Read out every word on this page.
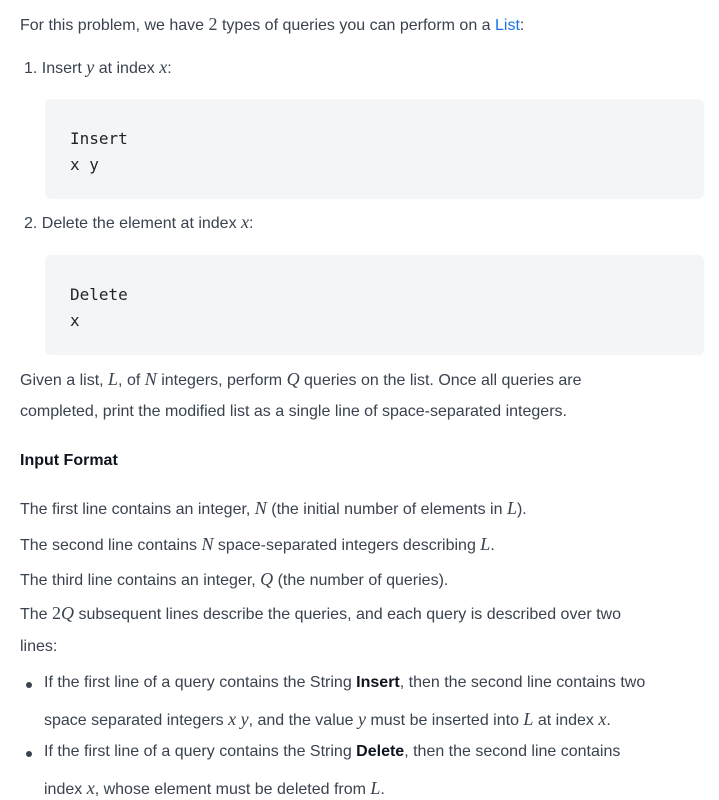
For this problem, we have 2 types of queries you can perform on a List:
1. Insert y at index x:
Insert
x y
2. Delete the element at index x:
Delete
x
Given a list, L, of N integers, perform Q queries on the list. Once all queries are
completed, print the modified list as a single line of space-separated integers.
Input Format
The first line contains an integer, N (the initial number of elements in L).
The second line contains N space-separated integers describing L.
The third line contains an integer, Q (the number of queries).
The 2Q subsequent lines describe the queries, and each query is described over two
lines:
If the first line of a query contains the String Insert, then the second line contains two
space separated integers x y, and the value y must be inserted into L at index x.
If the first line of a query contains the String Delete, then the second line contains
index x, whose element must be deleted from L.
